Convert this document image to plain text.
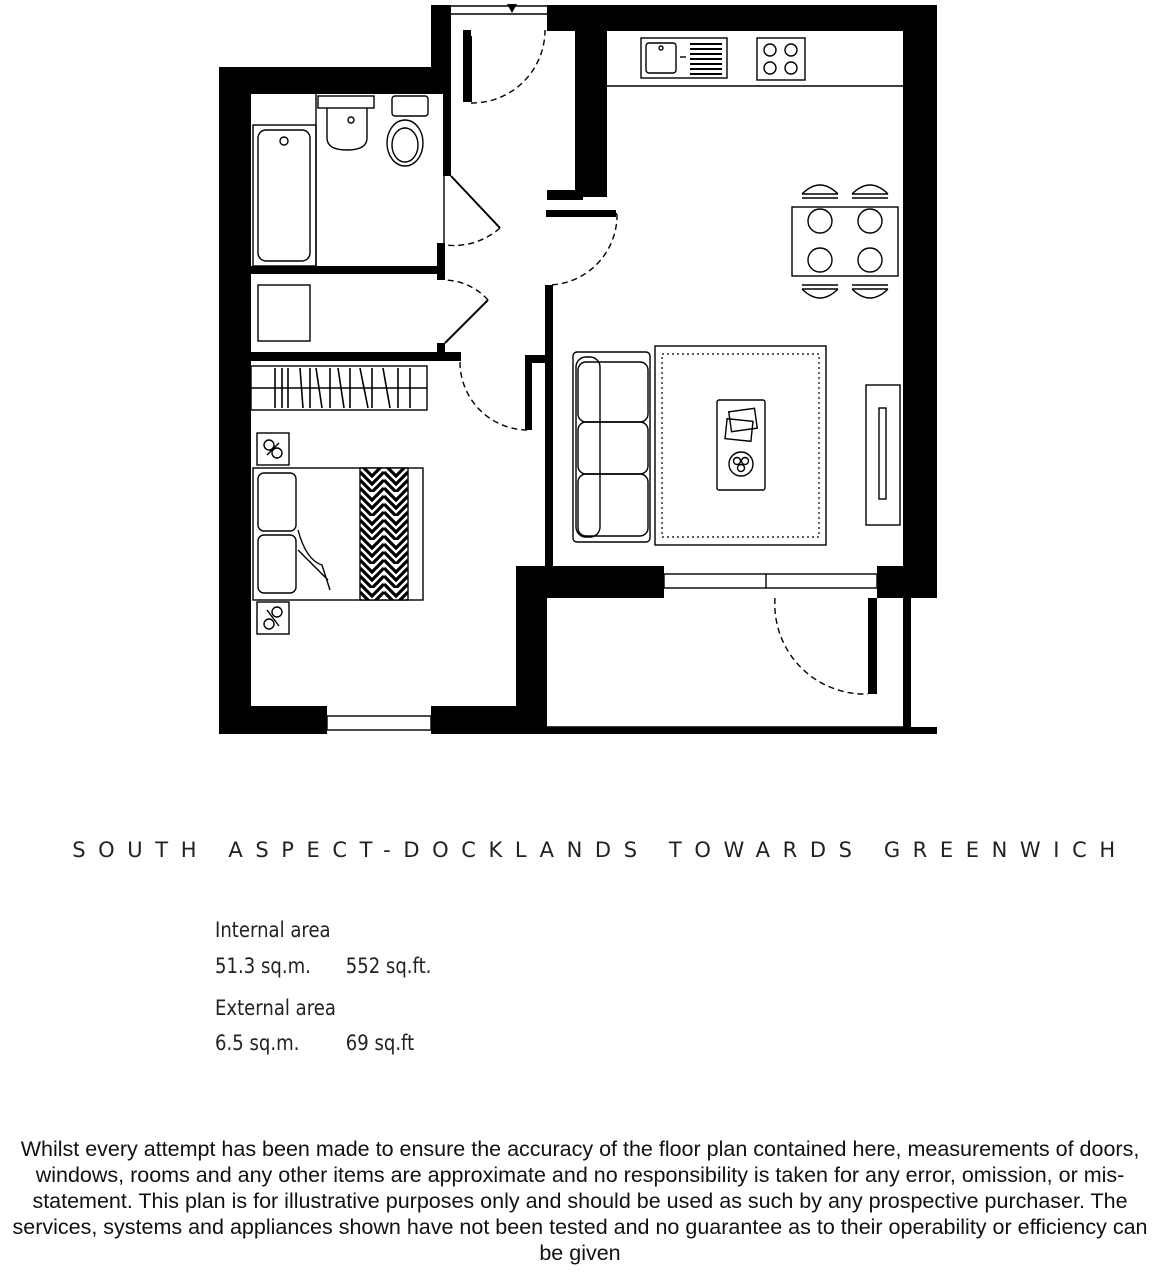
SOUTH ASPECT-DOCKLANDS TOWARDS GREENWICH
Internal area
51.3 sq.m. 552 sq.ft.
External area
6.5 sq.m. 69 sq.ft
Whilst every attempt has been made to ensure the accuracy of the floor plan contained here, measurements of doors, windows, rooms and any other items are approximate and no responsibility is taken for any error, omission, or mis-statement. This plan is for illustrative purposes only and should be used as such by any prospective purchaser. The services, systems and appliances shown have not been tested and no guarantee as to their operability or efficiency can be given
